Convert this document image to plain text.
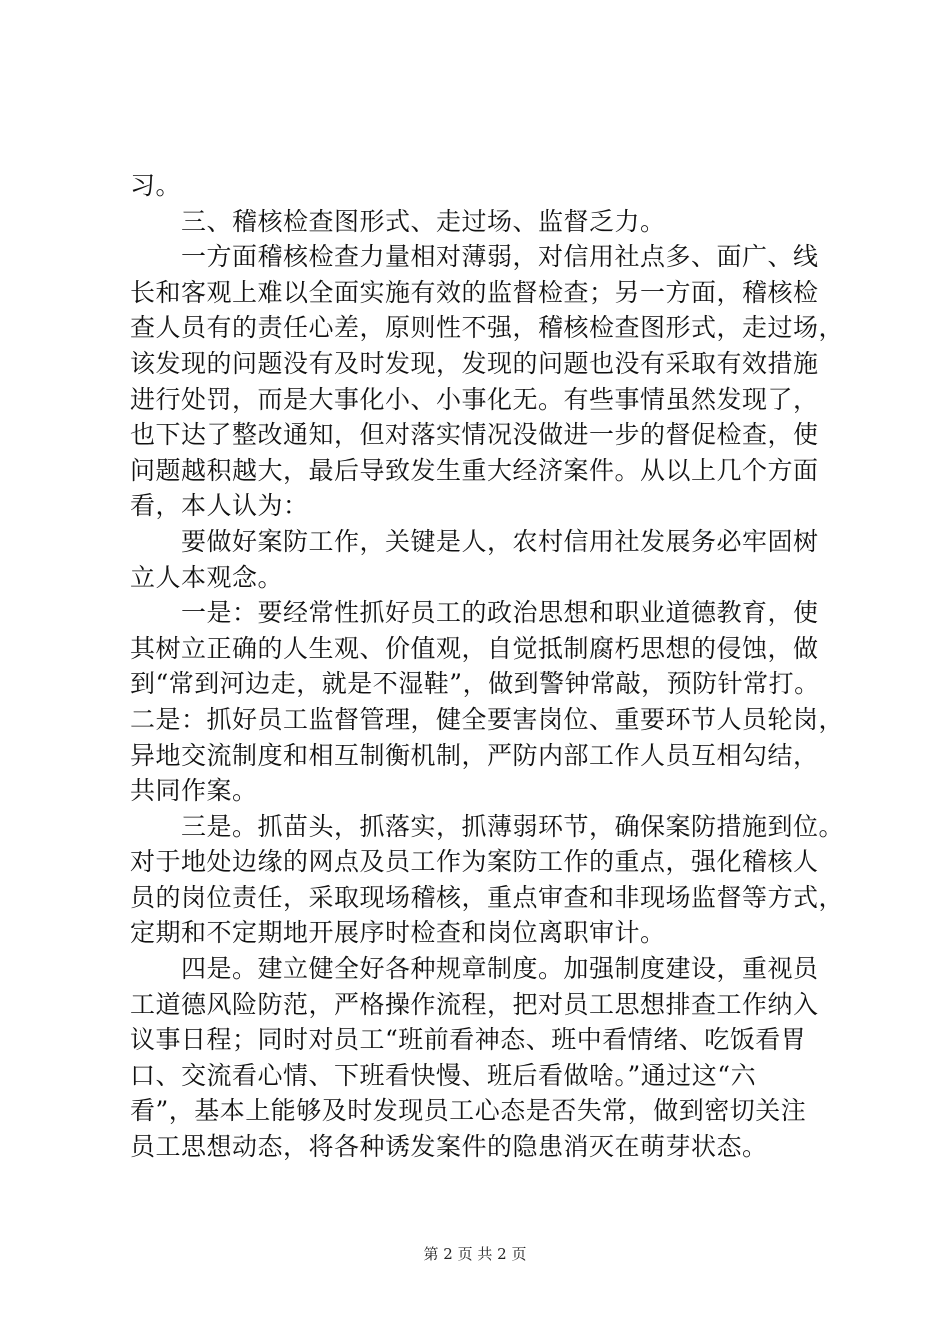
习。
　　三、稽核检查图形式、走过场、监督乏力。
　　一方面稽核检查力量相对薄弱，对信用社点多、面广、线
长和客观上难以全面实施有效的监督检查；另一方面，稽核检
查人员有的责任心差，原则性不强，稽核检查图形式，走过场，
该发现的问题没有及时发现，发现的问题也没有采取有效措施
进行处罚，而是大事化小、小事化无。有些事情虽然发现了，
也下达了整改通知，但对落实情况没做进一步的督促检查，使
问题越积越大，最后导致发生重大经济案件。从以上几个方面
看，本人认为：
　　要做好案防工作，关键是人，农村信用社发展务必牢固树
立人本观念。
　　一是：要经常性抓好员工的政治思想和职业道德教育，使
其树立正确的人生观、价值观，自觉抵制腐朽思想的侵蚀，做
到“常到河边走，就是不湿鞋”，做到警钟常敲，预防针常打。
二是：抓好员工监督管理，健全要害岗位、重要环节人员轮岗，
异地交流制度和相互制衡机制，严防内部工作人员互相勾结，
共同作案。
　　三是。抓苗头，抓落实，抓薄弱环节，确保案防措施到位。
对于地处边缘的网点及员工作为案防工作的重点，强化稽核人
员的岗位责任，采取现场稽核，重点审查和非现场监督等方式，
定期和不定期地开展序时检查和岗位离职审计。
　　四是。建立健全好各种规章制度。加强制度建设，重视员
工道德风险防范，严格操作流程，把对员工思想排查工作纳入
议事日程；同时对员工“班前看神态、班中看情绪、吃饭看胃
口、交流看心情、下班看快慢、班后看做啥。”通过这“六
看”，基本上能够及时发现员工心态是否失常，做到密切关注
员工思想动态，将各种诱发案件的隐患消灭在萌芽状态。
第 2 页 共 2 页
